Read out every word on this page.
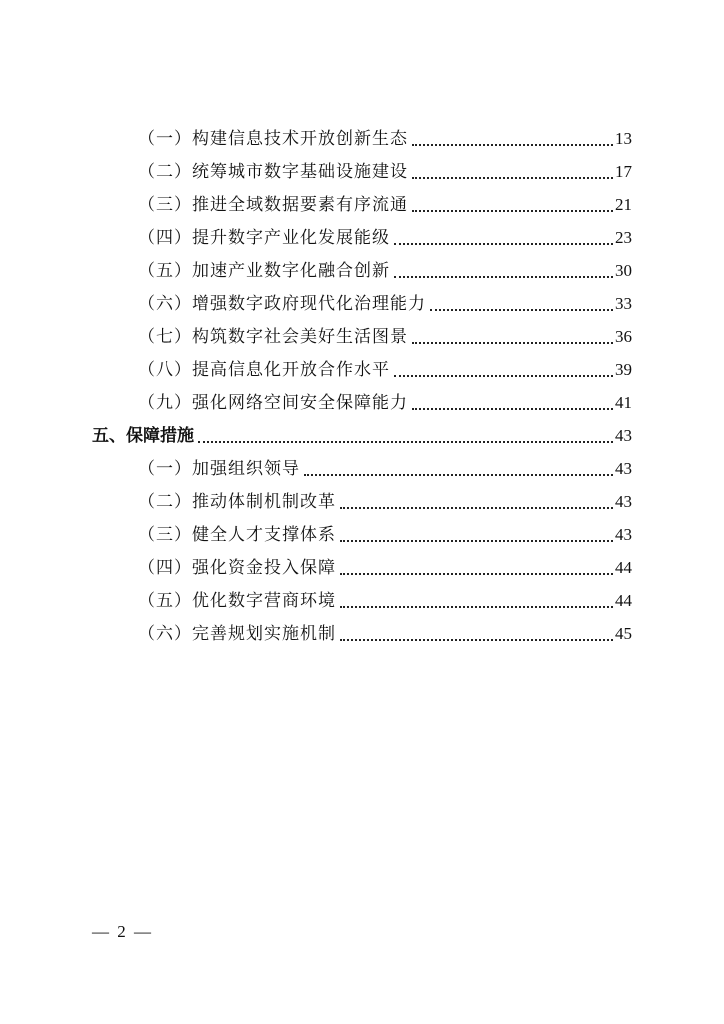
（一）构建信息技术开放创新生态	13
（二）统筹城市数字基础设施建设	17
（三）推进全域数据要素有序流通	21
（四）提升数字产业化发展能级	23
（五）加速产业数字化融合创新	30
（六）增强数字政府现代化治理能力	33
（七）构筑数字社会美好生活图景	36
（八）提高信息化开放合作水平	39
（九）强化网络空间安全保障能力	41
五、保障措施	43
（一）加强组织领导	43
（二）推动体制机制改革	43
（三）健全人才支撑体系	43
（四）强化资金投入保障	44
（五）优化数字营商环境	44
（六）完善规划实施机制	45
— 2 —
